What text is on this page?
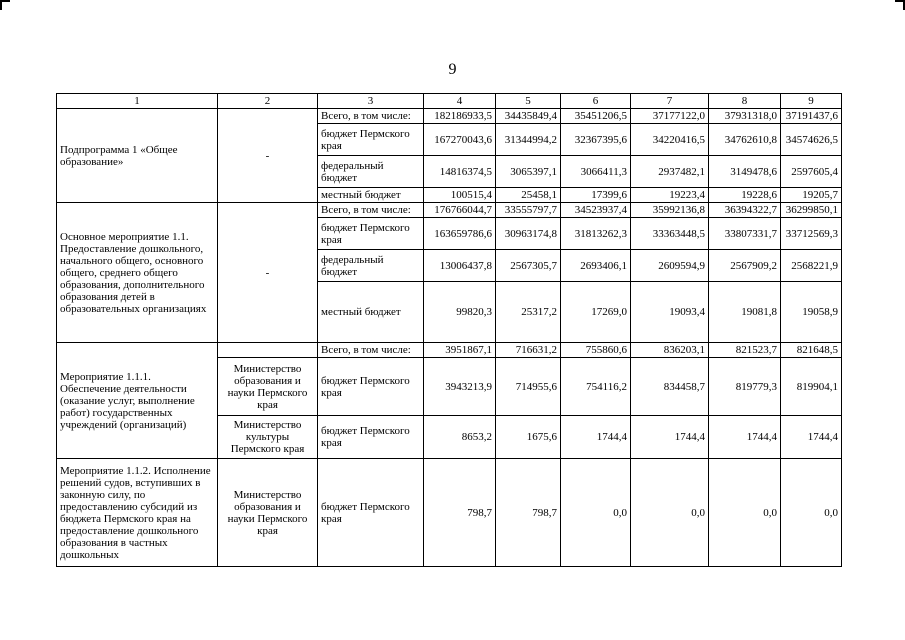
9
1	2	3	4	5	6	7	8	9
Подпрограмма 1 «Общее образование»	-	Всего, в том числе:	182186933,5	34435849,4	35451206,5	37177122,0	37931318,0	37191437,6
		бюджет Пермского края	167270043,6	31344994,2	32367395,6	34220416,5	34762610,8	34574626,5
		федеральный бюджет	14816374,5	3065397,1	3066411,3	2937482,1	3149478,6	2597605,4
		местный бюджет	100515,4	25458,1	17399,6	19223,4	19228,6	19205,7
Основное мероприятие 1.1. Предоставление дошкольного, начального общего, основного общего, среднего общего образования, дополнительного образования детей в образовательных организациях	-	Всего, в том числе:	176766044,7	33555797,7	34523937,4	35992136,8	36394322,7	36299850,1
		бюджет Пермского края	163659786,6	30963174,8	31813262,3	33363448,5	33807331,7	33712569,3
		федеральный бюджет	13006437,8	2567305,7	2693406,1	2609594,9	2567909,2	2568221,9
		местный бюджет	99820,3	25317,2	17269,0	19093,4	19081,8	19058,9
Мероприятие 1.1.1. Обеспечение деятельности (оказание услуг, выполнение работ) государственных учреждений (организаций)		Всего, в том числе:	3951867,1	716631,2	755860,6	836203,1	821523,7	821648,5
	Министерство образования и науки Пермского края	бюджет Пермского края	3943213,9	714955,6	754116,2	834458,7	819779,3	819904,1
	Министерство культуры Пермского края	бюджет Пермского края	8653,2	1675,6	1744,4	1744,4	1744,4	1744,4
Мероприятие 1.1.2. Исполнение решений судов, вступивших в законную силу, по предоставлению субсидий из бюджета Пермского края на предоставление дошкольного образования в частных дошкольных	Министерство образования и науки Пермского края	бюджет Пермского края	798,7	798,7	0,0	0,0	0,0	0,0
